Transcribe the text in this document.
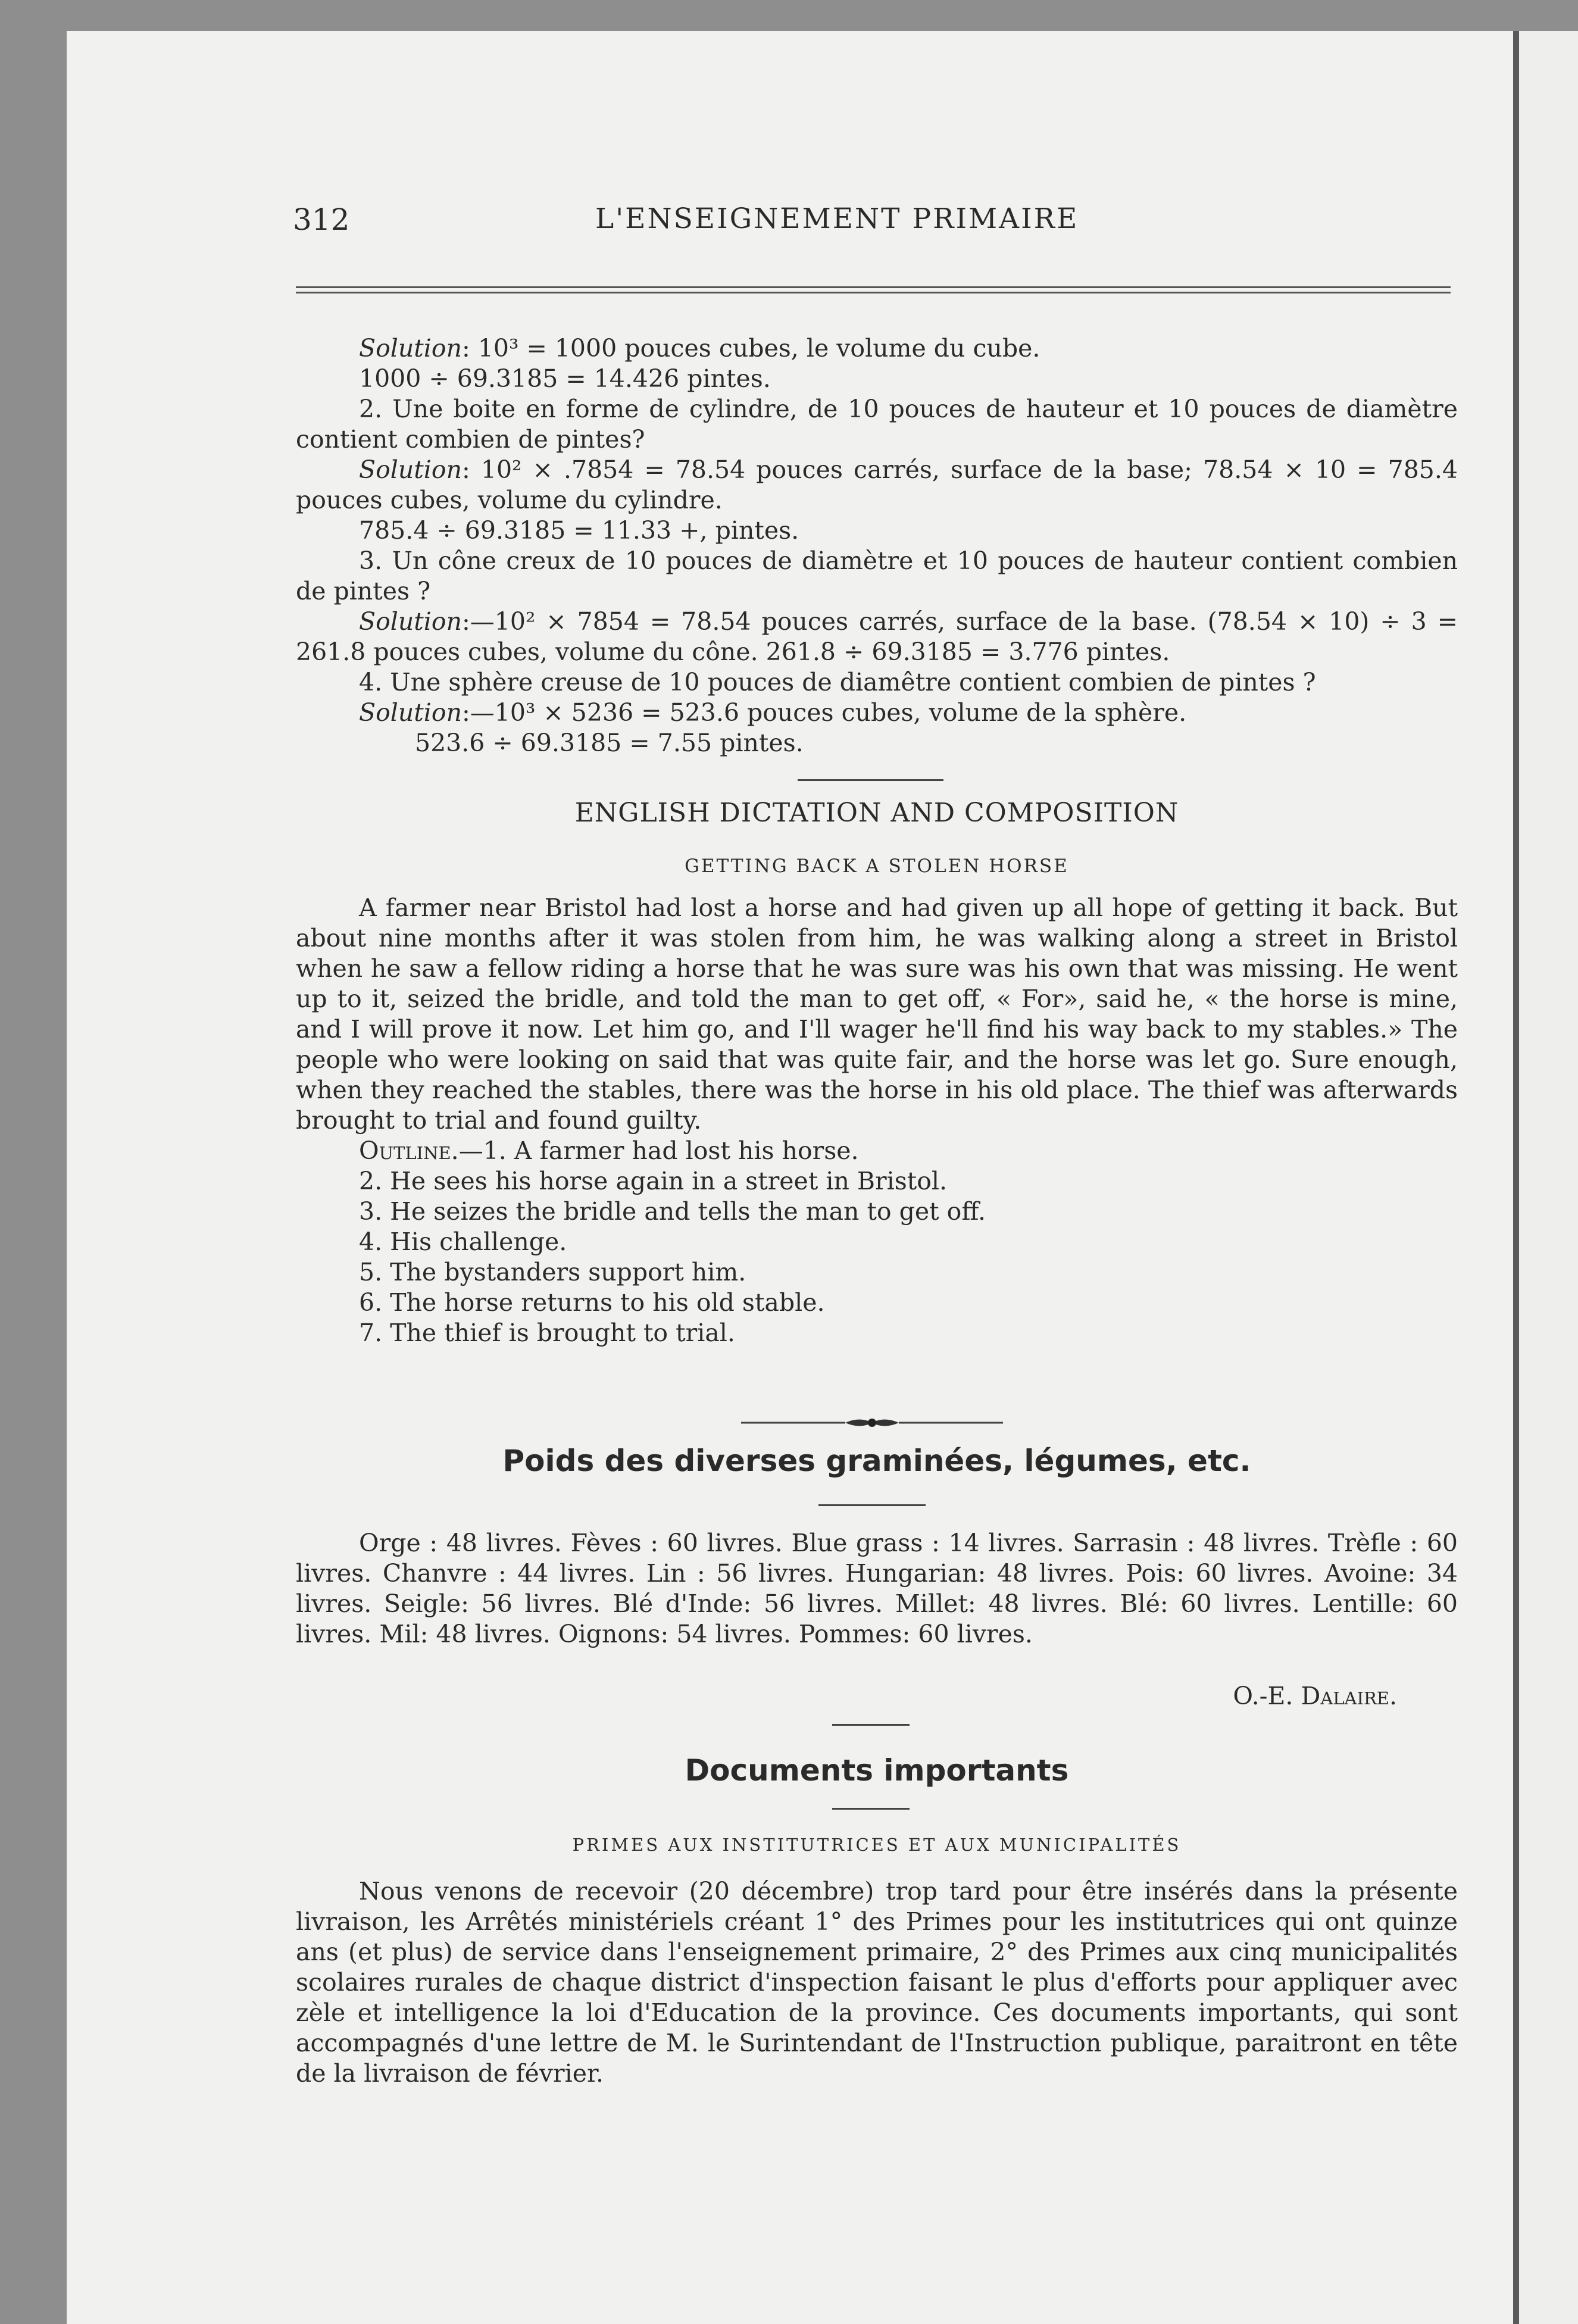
312	L'ENSEIGNEMENT PRIMAIRE

Solution: 10³ = 1000 pouces cubes, le volume du cube.

1000 ÷ 69.3185 = 14.426 pintes.

2. Une boite en forme de cylindre, de 10 pouces de hauteur et 10 pouces de diamètre contient combien de pintes?

Solution: 10² × .7854 = 78.54 pouces carrés, surface de la base; 78.54 × 10 = 785.4 pouces cubes, volume du cylindre.

785.4 ÷ 69.3185 = 11.33 +, pintes.

3. Un cône creux de 10 pouces de diamètre et 10 pouces de hauteur contient combien de pintes ?

Solution:—10² × 7854 = 78.54 pouces carrés, surface de la base. (78.54 × 10) ÷ 3 = 261.8 pouces cubes, volume du cône. 261.8 ÷ 69.3185 = 3.776 pintes.

4. Une sphère creuse de 10 pouces de diamêtre contient combien de pintes ?

Solution:—10³ × 5236 = 523.6 pouces cubes, volume de la sphère.

523.6 ÷ 69.3185 = 7.55 pintes.

ENGLISH DICTATION AND COMPOSITION
GETTING BACK A STOLEN HORSE

A farmer near Bristol had lost a horse and had given up all hope of getting it back. But about nine months after it was stolen from him, he was walking along a street in Bristol when he saw a fellow riding a horse that he was sure was his own that was missing. He went up to it, seized the bridle, and told the man to get off, « For», said he, « the horse is mine, and I will prove it now. Let him go, and I'll wager he'll find his way back to my stables.» The people who were looking on said that was quite fair, and the horse was let go. Sure enough, when they reached the stables, there was the horse in his old place. The thief was afterwards brought to trial and found guilty.

Outline.—1. A farmer had lost his horse.

2. He sees his horse again in a street in Bristol.

3. He seizes the bridle and tells the man to get off.

4. His challenge.

5. The bystanders support him.

6. The horse returns to his old stable.

7. The thief is brought to trial.

Poids des diverses graminées, légumes, etc.

Orge : 48 livres. Fèves : 60 livres. Blue grass : 14 livres. Sarrasin : 48 livres. Trèfle : 60 livres. Chanvre : 44 livres. Lin : 56 livres. Hungarian: 48 livres. Pois: 60 livres. Avoine: 34 livres. Seigle: 56 livres. Blé d'Inde: 56 livres. Millet: 48 livres. Blé: 60 livres. Lentille: 60 livres. Mil: 48 livres. Oignons: 54 livres. Pommes: 60 livres.

O.-E. Dalaire.
Documents importants
PRIMES AUX INSTITUTRICES ET AUX MUNICIPALITÉS

Nous venons de recevoir (20 décembre) trop tard pour être insérés dans la présente livraison, les Arrêtés ministériels créant 1° des Primes pour les institutrices qui ont quinze ans (et plus) de service dans l'enseignement primaire, 2° des Primes aux cinq municipalités scolaires rurales de chaque district d'inspection faisant le plus d'efforts pour appliquer avec zèle et intelligence la loi d'Education de la province. Ces documents importants, qui sont accompagnés d'une lettre de M. le Surintendant de l'Instruction publique, paraitront en tête de la livraison de février.
